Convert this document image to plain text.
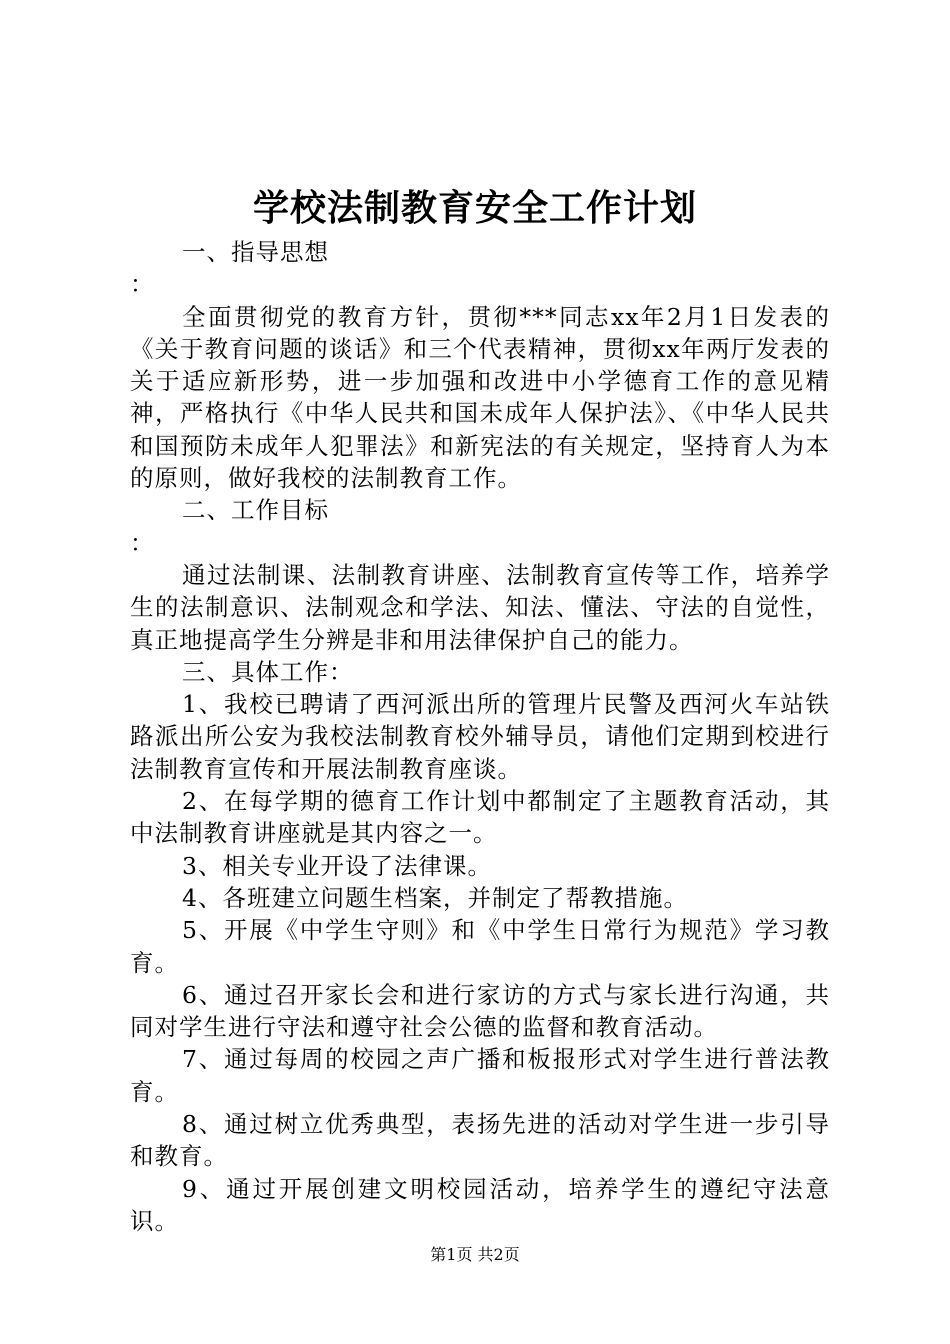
学校法制教育安全工作计划

一、指导思想

：

全面贯彻党的教育方针，贯彻***同志xx年2月1日发表的《关于教育问题的谈话》和三个代表精神，贯彻xx年两厅发表的关于适应新形势，进一步加强和改进中小学德育工作的意见精神，严格执行《中华人民共和国未成年人保护法》、《中华人民共和国预防未成年人犯罪法》和新宪法的有关规定，坚持育人为本的原则，做好我校的法制教育工作。

二、工作目标

：

通过法制课、法制教育讲座、法制教育宣传等工作，培养学生的法制意识、法制观念和学法、知法、懂法、守法的自觉性，真正地提高学生分辨是非和用法律保护自己的能力。

三、具体工作：

1、我校已聘请了西河派出所的管理片民警及西河火车站铁路派出所公安为我校法制教育校外辅导员，请他们定期到校进行法制教育宣传和开展法制教育座谈。

2、在每学期的德育工作计划中都制定了主题教育活动，其中法制教育讲座就是其内容之一。

3、相关专业开设了法律课。

4、各班建立问题生档案，并制定了帮教措施。

5、开展《中学生守则》和《中学生日常行为规范》学习教育。

6、通过召开家长会和进行家访的方式与家长进行沟通，共同对学生进行守法和遵守社会公德的监督和教育活动。

7、通过每周的校园之声广播和板报形式对学生进行普法教育。

8、通过树立优秀典型，表扬先进的活动对学生进一步引导和教育。

9、通过开展创建文明校园活动，培养学生的遵纪守法意识。

第1页 共2页
